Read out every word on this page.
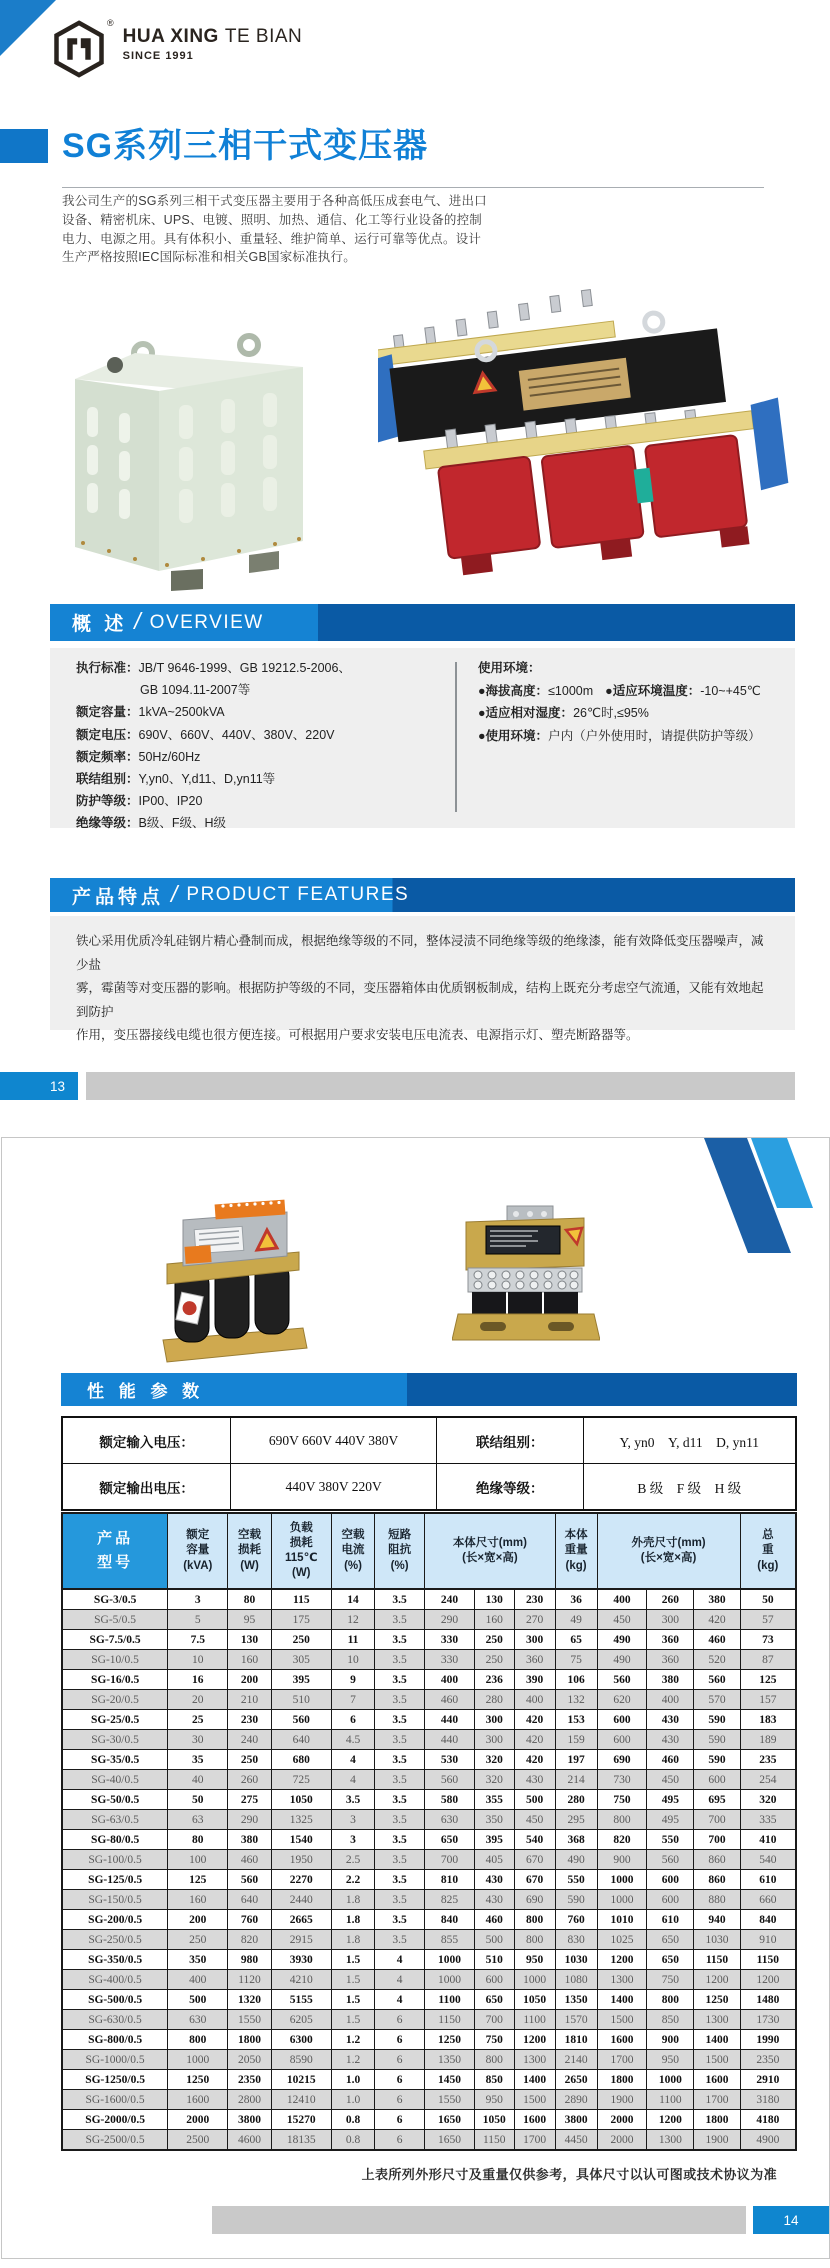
®
HUA XING TE BIAN
SINCE 1991
SG系列三相干式变压器
我公司生产的SG系列三相干式变压器主要用于各种高低压成套电气、进出口
设备、精密机床、UPS、电镀、照明、加热、通信、化工等行业设备的控制
电力、电源之用。具有体积小、重量轻、维护简单、运行可靠等优点。设计
生产严格按照IEC国际标准和相关GB国家标准执行。
概 述 / OVERVIEW
执行标准：JB/T 9646-1999、GB 19212.5-2006、
GB 1094.11-2007等
额定容量：1kVA~2500kVA
额定电压：690V、660V、440V、380V、220V
额定频率：50Hz/60Hz
联结组别：Y,yn0、Y,d11、D,yn11等
防护等级：IP00、IP20
绝缘等级：B级、F级、H级
使用环境：
●海拔高度：≤1000m ●适应环境温度：-10~+45℃
●适应相对湿度：26℃时,≤95%
●使用环境：户内（户外使用时，请提供防护等级）
产品特点 / PRODUCT FEATURES
铁心采用优质冷轧硅钢片精心叠制而成，根据绝缘等级的不同，整体浸渍不同绝缘等级的绝缘漆，能有效降低变压器噪声，减少盐
雾，霉菌等对变压器的影响。根据防护等级的不同，变压器箱体由优质钢板制成，结构上既充分考虑空气流通，又能有效地起到防护
作用，变压器接线电缆也很方便连接。可根据用户要求安装电压电流表、电源指示灯、塑壳断路器等。
13
性 能 参 数
额定输入电压：	690V 660V 440V 380V	联结组别：	Y, yn0　Y, d11　D, yn11
额定输出电压：	440V 380V 220V	绝缘等级：	B 级　F 级　H 级
产品
型号	额定
容量
(kVA)	空载
损耗
(W)	负载
损耗
115℃
(W)	空载
电流
(%)	短路
阻抗
(%)	本体尺寸(mm)
(长×宽×高)			本体
重量
(kg)	外壳尺寸(mm)
(长×宽×高)			总
重
(kg)
SG-3/0.5	3	80	115	14	3.5	240	130	230	36	400	260	380	50
SG-5/0.5	5	95	175	12	3.5	290	160	270	49	450	300	420	57
SG-7.5/0.5	7.5	130	250	11	3.5	330	250	300	65	490	360	460	73
SG-10/0.5	10	160	305	10	3.5	330	250	360	75	490	360	520	87
SG-16/0.5	16	200	395	9	3.5	400	236	390	106	560	380	560	125
SG-20/0.5	20	210	510	7	3.5	460	280	400	132	620	400	570	157
SG-25/0.5	25	230	560	6	3.5	440	300	420	153	600	430	590	183
SG-30/0.5	30	240	640	4.5	3.5	440	300	420	159	600	430	590	189
SG-35/0.5	35	250	680	4	3.5	530	320	420	197	690	460	590	235
SG-40/0.5	40	260	725	4	3.5	560	320	430	214	730	450	600	254
SG-50/0.5	50	275	1050	3.5	3.5	580	355	500	280	750	495	695	320
SG-63/0.5	63	290	1325	3	3.5	630	350	450	295	800	495	700	335
SG-80/0.5	80	380	1540	3	3.5	650	395	540	368	820	550	700	410
SG-100/0.5	100	460	1950	2.5	3.5	700	405	670	490	900	560	860	540
SG-125/0.5	125	560	2270	2.2	3.5	810	430	670	550	1000	600	860	610
SG-150/0.5	160	640	2440	1.8	3.5	825	430	690	590	1000	600	880	660
SG-200/0.5	200	760	2665	1.8	3.5	840	460	800	760	1010	610	940	840
SG-250/0.5	250	820	2915	1.8	3.5	855	500	800	830	1025	650	1030	910
SG-350/0.5	350	980	3930	1.5	4	1000	510	950	1030	1200	650	1150	1150
SG-400/0.5	400	1120	4210	1.5	4	1000	600	1000	1080	1300	750	1200	1200
SG-500/0.5	500	1320	5155	1.5	4	1100	650	1050	1350	1400	800	1250	1480
SG-630/0.5	630	1550	6205	1.5	6	1150	700	1100	1570	1500	850	1300	1730
SG-800/0.5	800	1800	6300	1.2	6	1250	750	1200	1810	1600	900	1400	1990
SG-1000/0.5	1000	2050	8590	1.2	6	1350	800	1300	2140	1700	950	1500	2350
SG-1250/0.5	1250	2350	10215	1.0	6	1450	850	1400	2650	1800	1000	1600	2910
SG-1600/0.5	1600	2800	12410	1.0	6	1550	950	1500	2890	1900	1100	1700	3180
SG-2000/0.5	2000	3800	15270	0.8	6	1650	1050	1600	3800	2000	1200	1800	4180
SG-2500/0.5	2500	4600	18135	0.8	6	1650	1150	1700	4450	2000	1300	1900	4900
上表所列外形尺寸及重量仅供参考，具体尺寸以认可图或技术协议为准
14
